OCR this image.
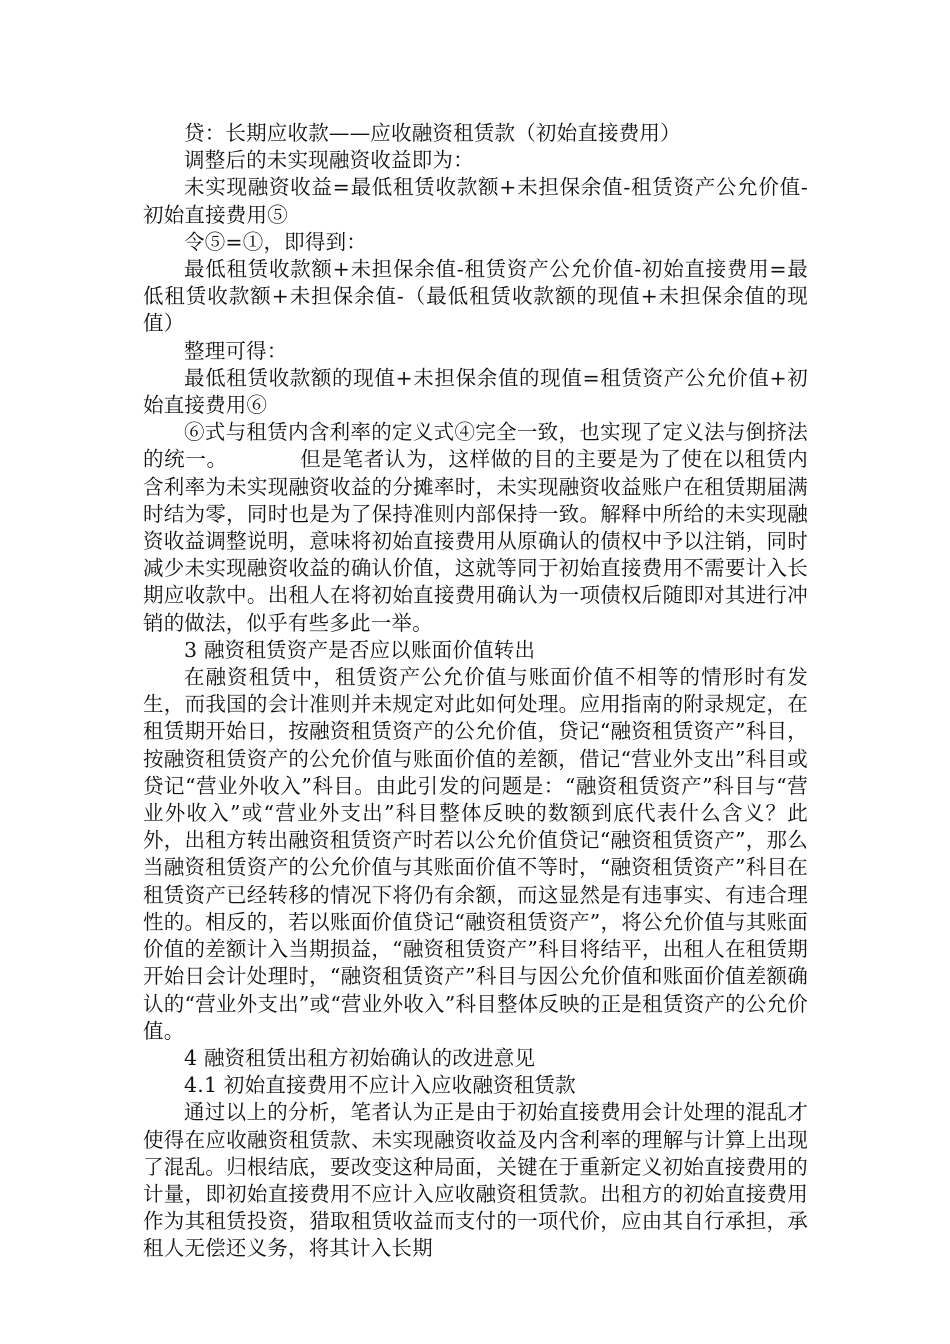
贷：长期应收款——应收融资租赁款（初始直接费用）

调整后的未实现融资收益即为：

未实现融资收益=最低租赁收款额+未担保余值-租赁资产公允价值-初始直接费用⑤

令⑤=①，即得到：

最低租赁收款额+未担保余值-租赁资产公允价值-初始直接费用=最低租赁收款额+未担保余值-（最低租赁收款额的现值+未担保余值的现值）

整理可得：

最低租赁收款额的现值+未担保余值的现值=租赁资产公允价值+初始直接费用⑥

⑥式与租赁内含利率的定义式④完全一致，也实现了定义法与倒挤法的统一。	但是笔者认为，这样做的目的主要是为了使在以租赁内含利率为未实现融资收益的分摊率时，未实现融资收益账户在租赁期届满时结为零，同时也是为了保持准则内部保持一致。解释中所给的未实现融资收益调整说明，意味将初始直接费用从原确认的债权中予以注销，同时减少未实现融资收益的确认价值，这就等同于初始直接费用不需要计入长期应收款中。出租人在将初始直接费用确认为一项债权后随即对其进行冲销的做法，似乎有些多此一举。

3 融资租赁资产是否应以账面价值转出

在融资租赁中，租赁资产公允价值与账面价值不相等的情形时有发生，而我国的会计准则并未规定对此如何处理。应用指南的附录规定，在租赁期开始日，按融资租赁资产的公允价值，贷记“融资租赁资产”科目，按融资租赁资产的公允价值与账面价值的差额，借记“营业外支出”科目或贷记“营业外收入”科目。由此引发的问题是：“融资租赁资产”科目与“营业外收入”或“营业外支出”科目整体反映的数额到底代表什么含义？此外，出租方转出融资租赁资产时若以公允价值贷记“融资租赁资产”，那么当融资租赁资产的公允价值与其账面价值不等时，“融资租赁资产”科目在租赁资产已经转移的情况下将仍有余额，而这显然是有违事实、有违合理性的。相反的，若以账面价值贷记“融资租赁资产”，将公允价值与其账面价值的差额计入当期损益，“融资租赁资产”科目将结平，出租人在租赁期开始日会计处理时，“融资租赁资产”科目与因公允价值和账面价值差额确认的“营业外支出”或“营业外收入”科目整体反映的正是租赁资产的公允价值。

4 融资租赁出租方初始确认的改进意见

4.1 初始直接费用不应计入应收融资租赁款

通过以上的分析，笔者认为正是由于初始直接费用会计处理的混乱才使得在应收融资租赁款、未实现融资收益及内含利率的理解与计算上出现了混乱。归根结底，要改变这种局面，关键在于重新定义初始直接费用的计量，即初始直接费用不应计入应收融资租赁款。出租方的初始直接费用作为其租赁投资，猎取租赁收益而支付的一项代价，应由其自行承担，承租人无偿还义务，将其计入长期
